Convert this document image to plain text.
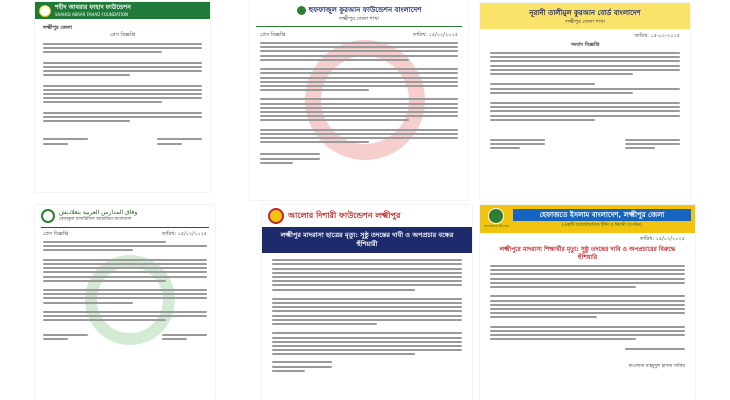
শহীদ আবরার ফাহাদ ফাউন্ডেশন
SHAHID ABRAR FAHAD FOUNDATION
লক্ষ্মীপুর জেলা
প্রেস বিজ্ঞপ্তি
হুফফাজুল কুরআন ফাউন্ডেশন বাংলাদেশ
লক্ষ্মীপুর জেলা শাখা
প্রেস বিজ্ঞপ্তি	তারিখ: ১৫/০২/২০২৫
নূরানী তালীমুল কুরআন বোর্ড বাংলাদেশ
লক্ষ্মীপুর জেলা শাখা
তারিখ: ১৫-০২-২০২৫
সংবাদ বিজ্ঞপ্তি
وفاق المدارس العربية بنغلاديش
বেফাকুল মাদারিসিল আরাবিয়া বাংলাদেশ
প্রেস বিজ্ঞপ্তি	তারিখ: ১৫/০২/২০২৫
আলোর দিশারী ফাউন্ডেশন লক্ষ্মীপুর
লক্ষ্মীপুর মাদরাসা ছাত্রের মৃত্যু: সুষ্ঠু তদন্তের দাবী ও অপপ্রচার বন্ধের হুঁশিয়ারী
হেফাজতে ইসলাম
হেফাজতে ইসলাম বাংলাদেশ, লক্ষ্মীপুর জেলা
(একটি অরাজনৈতিক দ্বীনি ও ঈমানী সংগঠন)
তারিখ: ১৫/০২/২০২৫
লক্ষ্মীপুরে মাদরাসা শিক্ষার্থীর মৃত্যু: সুষ্ঠু তদন্তের দাবি ও অপপ্রচারের বিরুদ্ধে হুঁশিয়ারি
মাওলানা মাহমুদুল হাসান সাকিব
